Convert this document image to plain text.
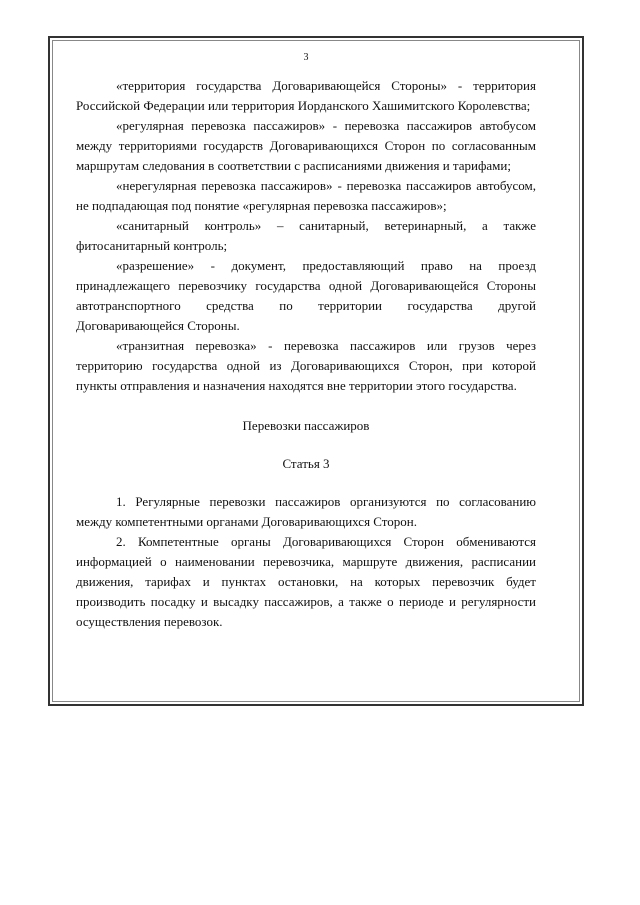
3

«территория государства Договаривающейся Стороны» - территория Российской Федерации или территория Иорданского Хашимитского Королевства;

«регулярная перевозка пассажиров» - перевозка пассажиров автобусом между территориями государств Договаривающихся Сторон по согласованным маршрутам следования в соответствии с расписаниями движения и тарифами;

«нерегулярная перевозка пассажиров» - перевозка пассажиров автобусом, не подпадающая под понятие «регулярная перевозка пассажиров»;

«санитарный контроль» – санитарный, ветеринарный, а также фитосанитарный контроль;

«разрешение» - документ, предоставляющий право на проезд принадлежащего перевозчику государства одной Договаривающейся Стороны автотранспортного средства по территории государства другой Договаривающейся Стороны.

«транзитная перевозка» - перевозка пассажиров или грузов через территорию государства одной из Договаривающихся Сторон, при которой пункты отправления и назначения находятся вне территории этого государства.

Перевозки пассажиров

Статья 3

1. Регулярные перевозки пассажиров организуются по согласованию между компетентными органами Договаривающихся Сторон.

2. Компетентные органы Договаривающихся Сторон обмениваются информацией о наименовании перевозчика, маршруте движения, расписании движения, тарифах и пунктах остановки, на которых перевозчик будет производить посадку и высадку пассажиров, а также о периоде и регулярности осуществления перевозок.
